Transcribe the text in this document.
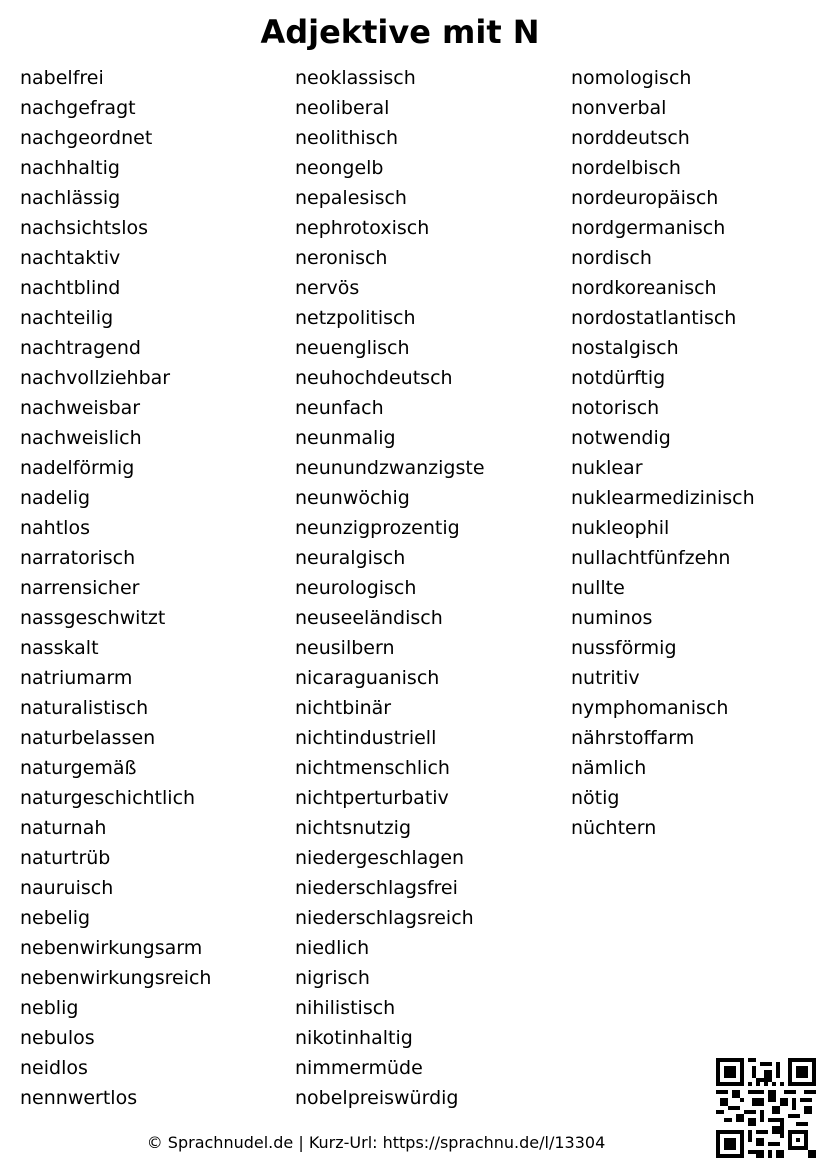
Adjektive mit N
nabelfrei
nachgefragt
nachgeordnet
nachhaltig
nachlässig
nachsichtslos
nachtaktiv
nachtblind
nachteilig
nachtragend
nachvollziehbar
nachweisbar
nachweislich
nadelförmig
nadelig
nahtlos
narratorisch
narrensicher
nassgeschwitzt
nasskalt
natriumarm
naturalistisch
naturbelassen
naturgemäß
naturgeschichtlich
naturnah
naturtrüb
nauruisch
nebelig
nebenwirkungsarm
nebenwirkungsreich
neblig
nebulos
neidlos
nennwertlos
neoklassisch
neoliberal
neolithisch
neongelb
nepalesisch
nephrotoxisch
neronisch
nervös
netzpolitisch
neuenglisch
neuhochdeutsch
neunfach
neunmalig
neunundzwanzigste
neunwöchig
neunzigprozentig
neuralgisch
neurologisch
neuseeländisch
neusilbern
nicaraguanisch
nichtbinär
nichtindustriell
nichtmenschlich
nichtperturbativ
nichtsnutzig
niedergeschlagen
niederschlagsfrei
niederschlagsreich
niedlich
nigrisch
nihilistisch
nikotinhaltig
nimmermüde
nobelpreiswürdig
nomologisch
nonverbal
norddeutsch
nordelbisch
nordeuropäisch
nordgermanisch
nordisch
nordkoreanisch
nordostatlantisch
nostalgisch
notdürftig
notorisch
notwendig
nuklear
nuklearmedizinisch
nukleophil
nullachtfünfzehn
nullte
numinos
nussförmig
nutritiv
nymphomanisch
nährstoffarm
nämlich
nötig
nüchtern
© Sprachnudel.de | Kurz-Url: https://sprachnu.de/l/13304
